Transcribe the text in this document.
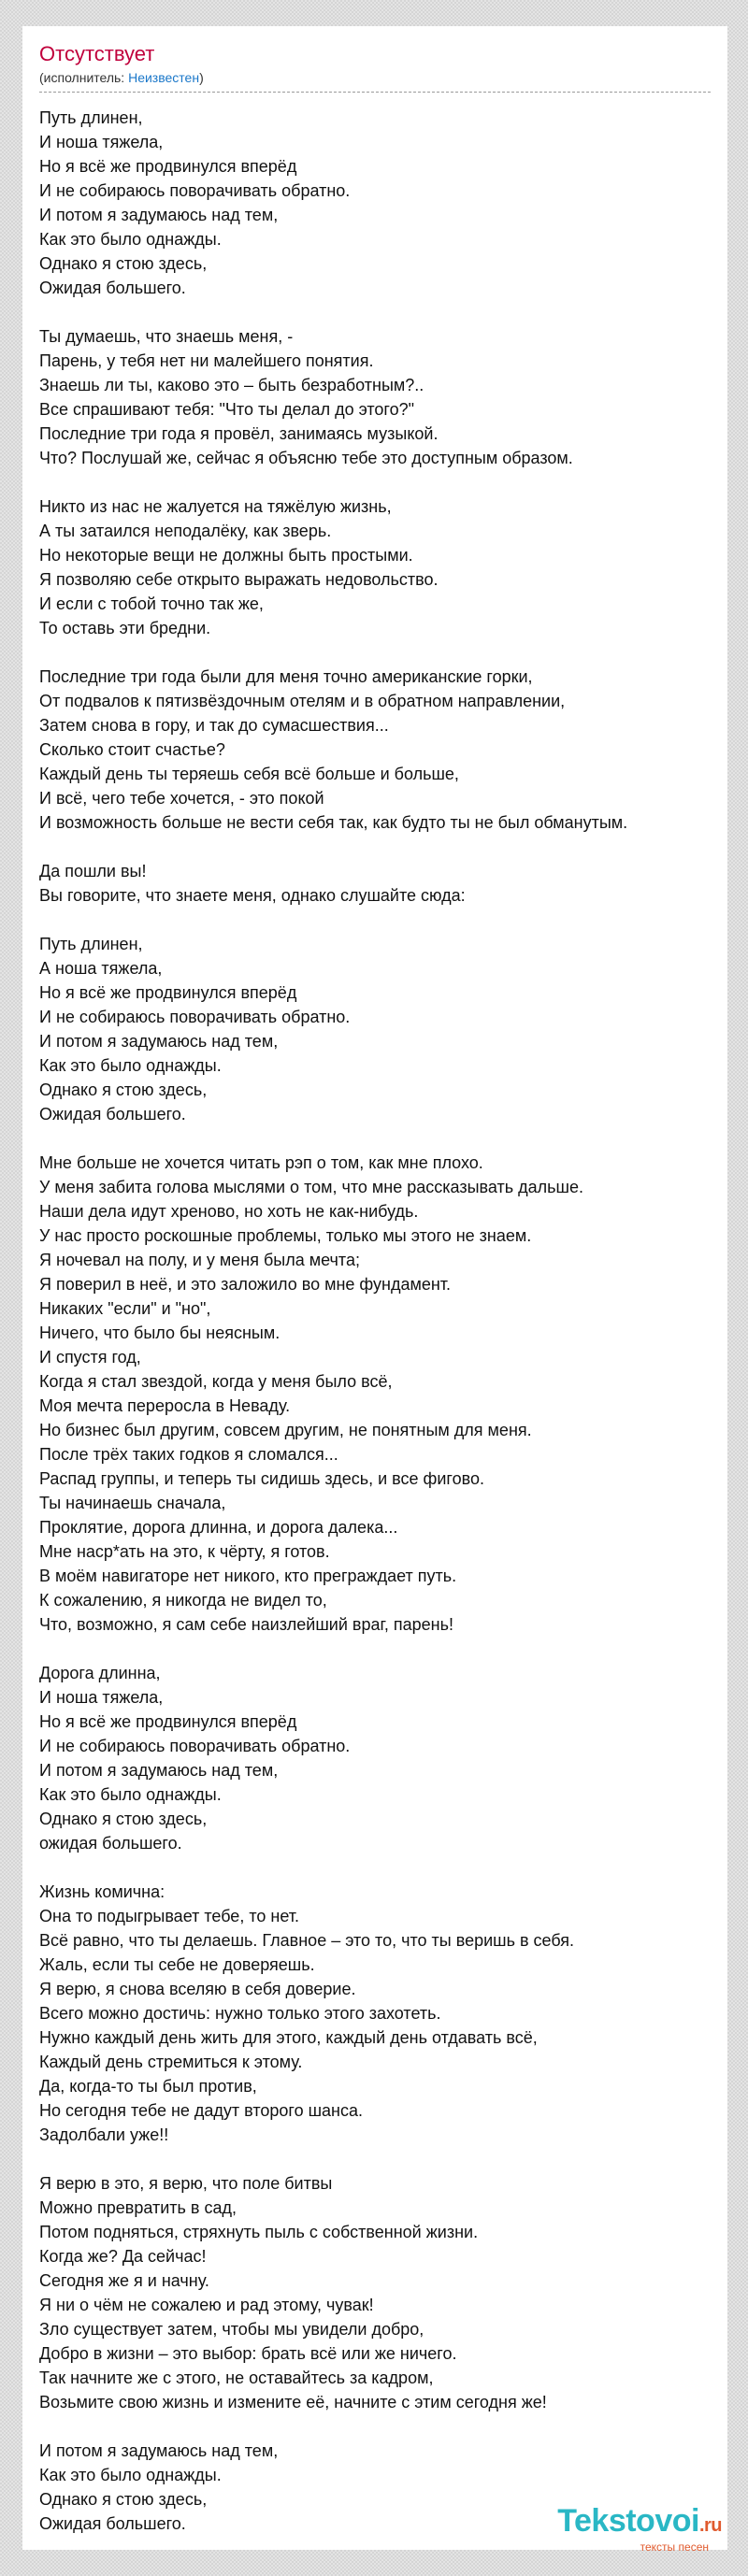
Отсутствует
(исполнитель: Неизвестен)
Путь длинен,
И ноша тяжела,
Но я всё же продвинулся вперёд
И не собираюсь поворачивать обратно.
И потом я задумаюсь над тем,
Как это было однажды.
Однако я стою здесь,
Ожидая большего.
Ты думаешь, что знаешь меня, -
Парень, у тебя нет ни малейшего понятия.
Знаешь ли ты, каково это – быть безработным?..
Все спрашивают тебя: "Что ты делал до этого?"
Последние три года я провёл, занимаясь музыкой.
Что? Послушай же, сейчас я объясню тебе это доступным образом.
Никто из нас не жалуется на тяжёлую жизнь,
А ты затаился неподалёку, как зверь.
Но некоторые вещи не должны быть простыми.
Я позволяю себе открыто выражать недовольство.
И если с тобой точно так же,
То оставь эти бредни.
Последние три года были для меня точно американские горки,
От подвалов к пятизвёздочным отелям и в обратном направлении,
Затем снова в гору, и так до сумасшествия...
Сколько стоит счастье?
Каждый день ты теряешь себя всё больше и больше,
И всё, чего тебе хочется, - это покой
И возможность больше не вести себя так, как будто ты не был обманутым.
Да пошли вы!
Вы говорите, что знаете меня, однако слушайте сюда:
Путь длинен,
А ноша тяжела,
Но я всё же продвинулся вперёд
И не собираюсь поворачивать обратно.
И потом я задумаюсь над тем,
Как это было однажды.
Однако я стою здесь,
Ожидая большего.
Мне больше не хочется читать рэп о том, как мне плохо.
У меня забита голова мыслями о том, что мне рассказывать дальше.
Наши дела идут хреново, но хоть не как-нибудь.
У нас просто роскошные проблемы, только мы этого не знаем.
Я ночевал на полу, и у меня была мечта;
Я поверил в неё, и это заложило во мне фундамент.
Никаких "если" и "но",
Ничего, что было бы неясным.
И спустя год,
Когда я стал звездой, когда у меня было всё,
Моя мечта переросла в Неваду.
Но бизнес был другим, совсем другим, не понятным для меня.
После трёх таких годков я сломался...
Распад группы, и теперь ты сидишь здесь, и все фигово.
Ты начинаешь сначала,
Проклятие, дорога длинна, и дорога далека...
Мне наср*ать на это, к чёрту, я готов.
В моём навигаторе нет никого, кто преграждает путь.
К сожалению, я никогда не видел то,
Что, возможно, я сам себе наизлейший враг, парень!
Дорога длинна,
И ноша тяжела,
Но я всё же продвинулся вперёд
И не собираюсь поворачивать обратно.
И потом я задумаюсь над тем,
Как это было однажды.
Однако я стою здесь,
ожидая большего.
Жизнь комична:
Она то подыгрывает тебе, то нет.
Всё равно, что ты делаешь. Главное – это то, что ты веришь в себя.
Жаль, если ты себе не доверяешь.
Я верю, я снова вселяю в себя доверие.
Всего можно достичь: нужно только этого захотеть.
Нужно каждый день жить для этого, каждый день отдавать всё,
Каждый день стремиться к этому.
Да, когда-то ты был против,
Но сегодня тебе не дадут второго шанса.
Задолбали уже!!
Я верю в это, я верю, что поле битвы
Можно превратить в сад,
Потом подняться, стряхнуть пыль с собственной жизни.
Когда же? Да сейчас!
Сегодня же я и начну.
Я ни о чём не сожалею и рад этому, чувак!
Зло существует затем, чтобы мы увидели добро,
Добро в жизни – это выбор: брать всё или же ничего.
Так начните же с этого, не оставайтесь за кадром,
Возьмите свою жизнь и измените её, начните с этим сегодня же!
И потом я задумаюсь над тем,
Как это было однажды.
Однако я стою здесь,
Ожидая большего.	Tekstovoi.ru
тексты песен
